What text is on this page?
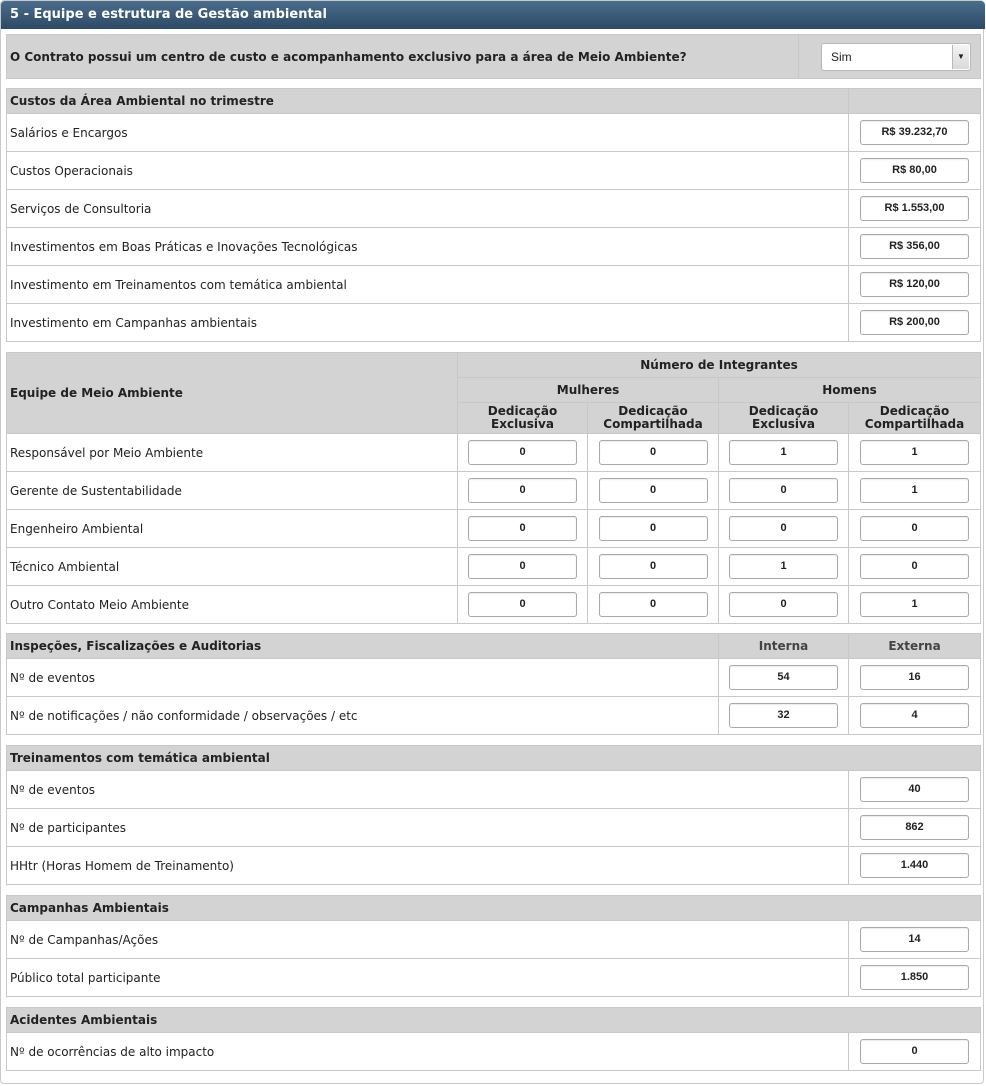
5 - Equipe e estrutura de Gestão ambiental
O Contrato possui um centro de custo e acompanhamento exclusivo para a área de Meio Ambiente?		Sim	▼
Custos da Área Ambiental no trimestre	
Salários e Encargos	R$ 39.232,70

Custos Operacionais	R$ 80,00

Serviços de Consultoria	R$ 1.553,00

Investimentos em Boas Práticas e Inovações Tecnológicas	R$ 356,00

Investimento em Treinamentos com temática ambiental	R$ 120,00

Investimento em Campanhas ambientais	R$ 200,00
Equipe de Meio Ambiente	Número de Integrantes			
	Mulheres		Homens	
	Dedicação Exclusiva	Dedicação Compartilhada	Dedicação Exclusiva	Dedicação Compartilhada
Responsável por Meio Ambiente	0	0	1	1

Gerente de Sustentabilidade	0	0	0	1

Engenheiro Ambiental	0	0	0	0

Técnico Ambiental	0	0	1	0

Outro Contato Meio Ambiente	0	0	0	1
Inspeções, Fiscalizações e Auditorias	Interna	Externa
Nº de eventos	54	16

Nº de notificações / não conformidade / observações / etc	32	4
Treinamentos com temática ambiental	
Nº de eventos	40

Nº de participantes	862

HHtr (Horas Homem de Treinamento)	1.440
Campanhas Ambientais	
Nº de Campanhas/Ações	14

Público total participante	1.850
Acidentes Ambientais
Nº de ocorrências de alto impacto	0
